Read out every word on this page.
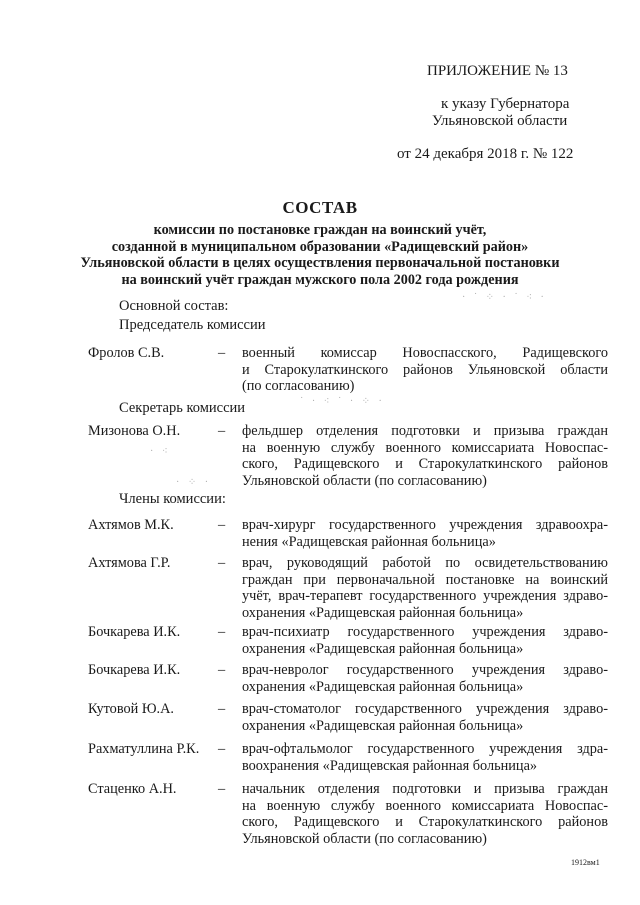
ПРИЛОЖЕНИЕ № 13
к указу Губернатора
Ульяновской области
от 24 декабря 2018 г. № 122
СОСТАВ
комиссии по постановке граждан на воинский учёт,
созданной в муниципальном образовании «Радищевский район»
Ульяновской области в целях осуществления первоначальной постановки
на воинский учёт граждан мужского пола 2002 года рождения
Основной состав:
Председатель комиссии
Фролов С.В.	– военный комиссар Новоспасского, Радищевского
и Старокулаткинского районов Ульяновской области
(по согласованию)
Секретарь комиссии
Мизонова О.Н.	– фельдшер отделения подготовки и призыва граждан
на военную службу военного комиссариата Новоспас-
ского, Радищевского и Старокулаткинского районов
Ульяновской области (по согласованию)
Члены комиссии:
Ахтямов М.К.	– врач-хирург государственного учреждения здравоохра-
нения «Радищевская районная больница»
Ахтямова Г.Р.	– врач, руководящий работой по освидетельствованию
граждан при первоначальной постановке на воинский
учёт, врач-терапевт государственного учреждения здраво-
охранения «Радищевская районная больница»
Бочкарева И.К.	– врач-психиатр государственного учреждения здраво-
охранения «Радищевская районная больница»
Бочкарева И.К.	– врач-невролог государственного учреждения здраво-
охранения «Радищевская районная больница»
Кутовой Ю.А.	– врач-стоматолог государственного учреждения здраво-
охранения «Радищевская районная больница»
Рахматуллина Р.К. – врач-офтальмолог государственного учреждения здра-
воохранения «Радищевская районная больница»
Стаценко А.Н.	– начальник отделения подготовки и призыва граждан
на военную службу военного комиссариата Новоспас-
ского, Радищевского и Старокулаткинского районов
Ульяновской области (по согласованию)
1912вм1
· ˙ ⁘ · ˙ ⁖ ·
˙ · ⁖ ˙ · ⁘ ·
· ⁖
· ⁘ ·
